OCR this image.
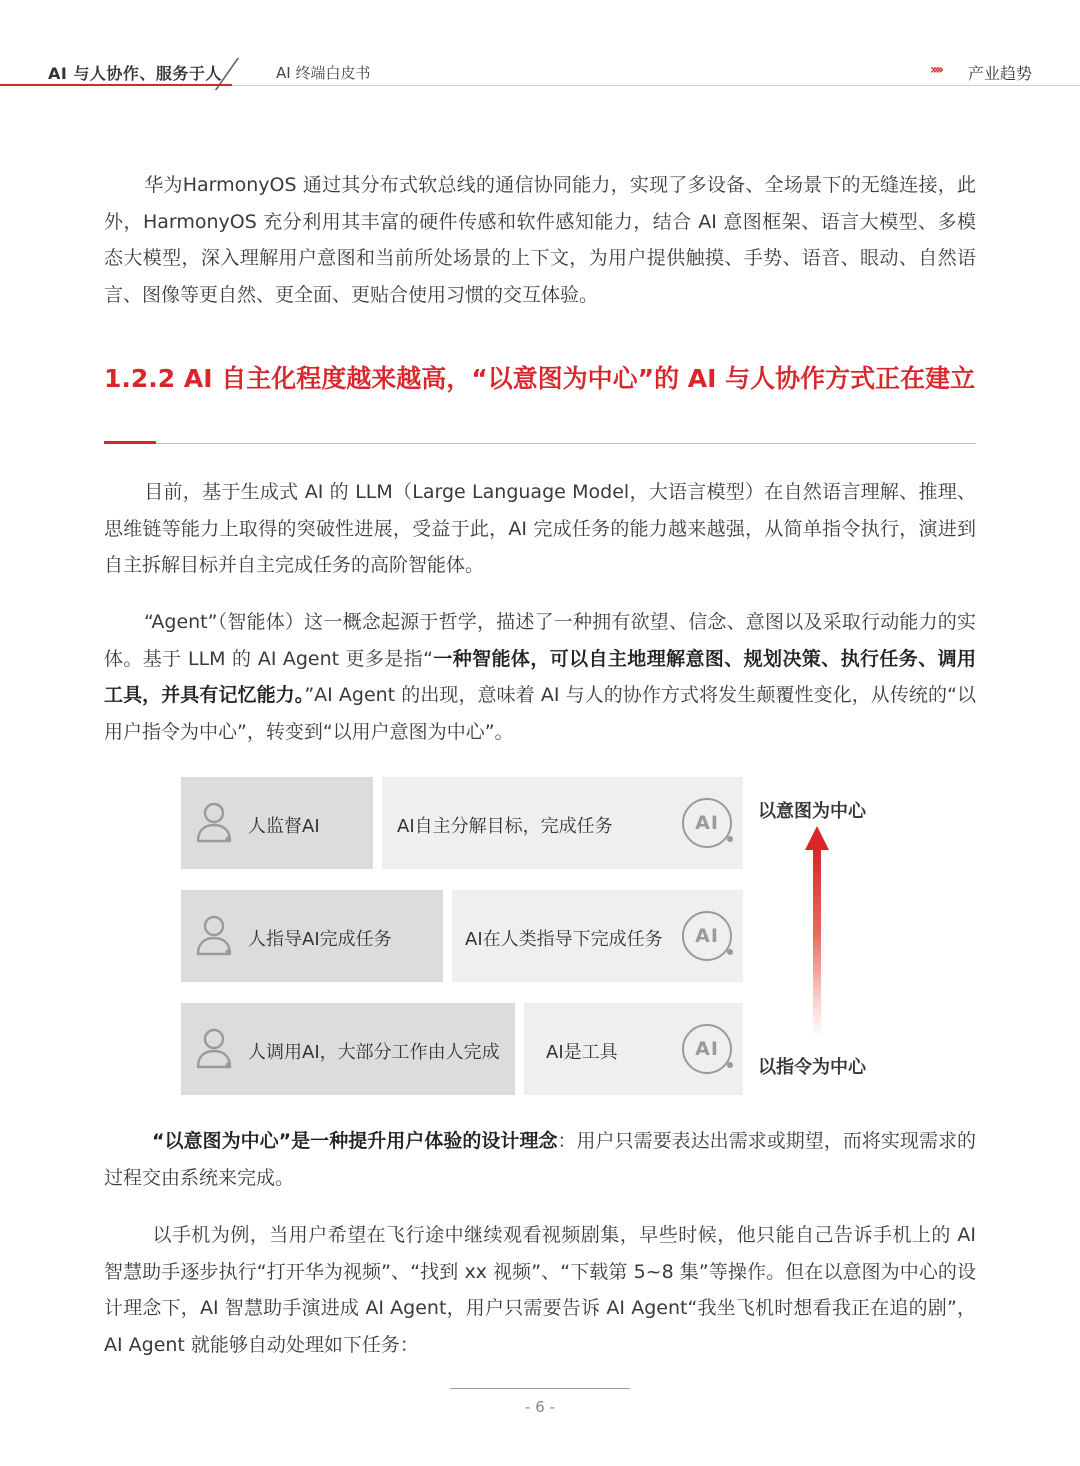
AI 与人协作、服务于人	AI 终端白皮书	›››› 产业趋势

华为HarmonyOS 通过其分布式软总线的通信协同能力，实现了多设备、全场景下的无缝连接，此外，HarmonyOS 充分利用其丰富的硬件传感和软件感知能力，结合 AI 意图框架、语言大模型、多模态大模型，深入理解用户意图和当前所处场景的上下文，为用户提供触摸、手势、语音、眼动、自然语言、图像等更自然、更全面、更贴合使用习惯的交互体验。

1.2.2 AI 自主化程度越来越高，“以意图为中心”的 AI 与人协作方式正在建立

目前，基于生成式 AI 的 LLM（Large Language Model，大语言模型）在自然语言理解、推理、思维链等能力上取得的突破性进展，受益于此，AI 完成任务的能力越来越强，从简单指令执行，演进到自主拆解目标并自主完成任务的高阶智能体。

“Agent”（智能体）这一概念起源于哲学，描述了一种拥有欲望、信念、意图以及采取行动能力的实体。基于 LLM 的 AI Agent 更多是指“一种智能体，可以自主地理解意图、规划决策、执行任务、调用工具，并具有记忆能力。”AI Agent 的出现，意味着 AI 与人的协作方式将发生颠覆性变化，从传统的“以用户指令为中心”，转变到“以用户意图为中心”。

人监督AI	AI自主分解目标，完成任务
人指导AI完成任务	AI在人类指导下完成任务
人调用AI，大部分工作由人完成	AI是工具
AI
AI
AI
以意图为中心
以指令为中心

“以意图为中心”是一种提升用户体验的设计理念：用户只需要表达出需求或期望，而将实现需求的过程交由系统来完成。

以手机为例，当用户希望在飞行途中继续观看视频剧集，早些时候，他只能自己告诉手机上的 AI 智慧助手逐步执行“打开华为视频”、“找到 xx 视频”、“下载第 5~8 集”等操作。但在以意图为中心的设计理念下，AI 智慧助手演进成 AI Agent，用户只需要告诉 AI Agent“我坐飞机时想看我正在追的剧”，AI Agent 就能够自动处理如下任务：

- 6 -
